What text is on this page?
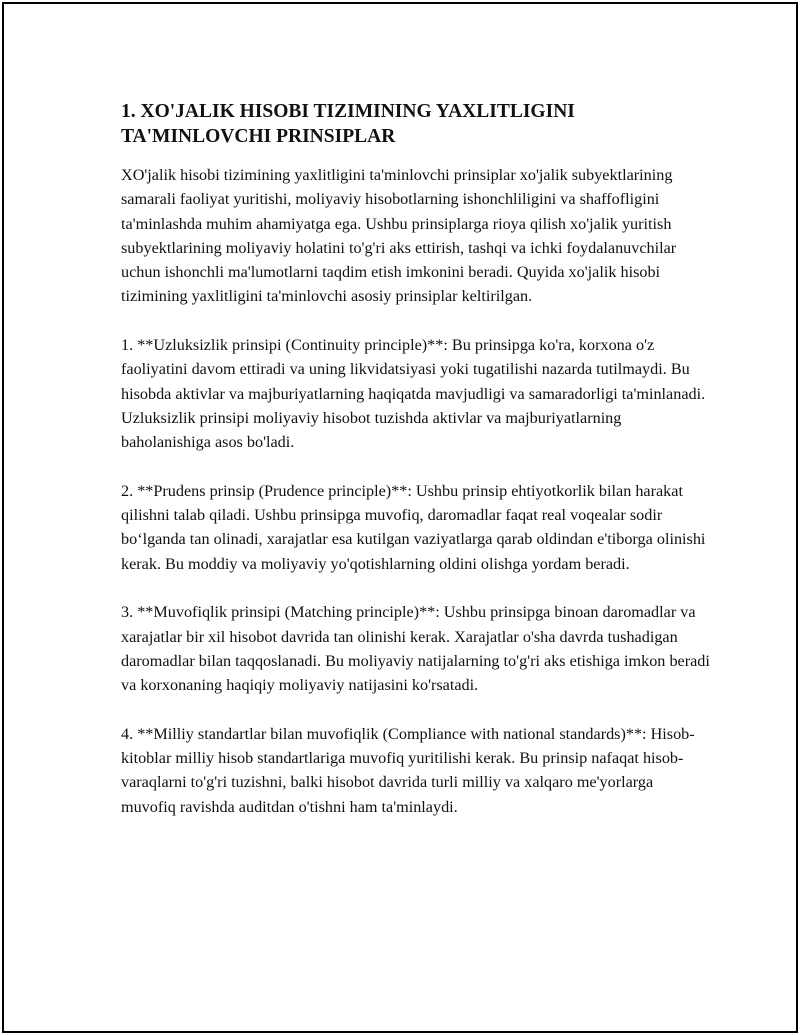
1. XO'JALIK HISOBI TIZIMINING YAXLITLIGINI TA'MINLOVCHI PRINSIPLAR

XO'jalik hisobi tizimining yaxlitligini ta'minlovchi prinsiplar xo'jalik subyektlarining samarali faoliyat yuritishi, moliyaviy hisobotlarning ishonchliligini va shaffofligini ta'minlashda muhim ahamiyatga ega. Ushbu prinsiplarga rioya qilish xo'jalik yuritish subyektlarining moliyaviy holatini to'g'ri aks ettirish, tashqi va ichki foydalanuvchilar uchun ishonchli ma'lumotlarni taqdim etish imkonini beradi. Quyida xo'jalik hisobi tizimining yaxlitligini ta'minlovchi asosiy prinsiplar keltirilgan.

1. **Uzluksizlik prinsipi (Continuity principle)**: Bu prinsipga ko'ra, korxona o'z faoliyatini davom ettiradi va uning likvidatsiyasi yoki tugatilishi nazarda tutilmaydi. Bu hisobda aktivlar va majburiyatlarning haqiqatda mavjudligi va samaradorligi ta'minlanadi. Uzluksizlik prinsipi moliyaviy hisobot tuzishda aktivlar va majburiyatlarning baholanishiga asos bo'ladi.

2. **Prudens prinsip (Prudence principle)**: Ushbu prinsip ehtiyotkorlik bilan harakat qilishni talab qiladi. Ushbu prinsipga muvofiq, daromadlar faqat real voqealar sodir bo‘lganda tan olinadi, xarajatlar esa kutilgan vaziyatlarga qarab oldindan e'tiborga olinishi kerak. Bu moddiy va moliyaviy yo'qotishlarning oldini olishga yordam beradi.

3. **Muvofiqlik prinsipi (Matching principle)**: Ushbu prinsipga binoan daromadlar va xarajatlar bir xil hisobot davrida tan olinishi kerak. Xarajatlar o'sha davrda tushadigan daromadlar bilan taqqoslanadi. Bu moliyaviy natijalarning to'g'ri aks etishiga imkon beradi va korxonaning haqiqiy moliyaviy natijasini ko'rsatadi.

4. **Milliy standartlar bilan muvofiqlik (Compliance with national standards)**: Hisob-kitoblar milliy hisob standartlariga muvofiq yuritilishi kerak. Bu prinsip nafaqat hisob-varaqlarni to'g'ri tuzishni, balki hisobot davrida turli milliy va xalqaro me'yorlarga muvofiq ravishda auditdan o'tishni ham ta'minlaydi.
